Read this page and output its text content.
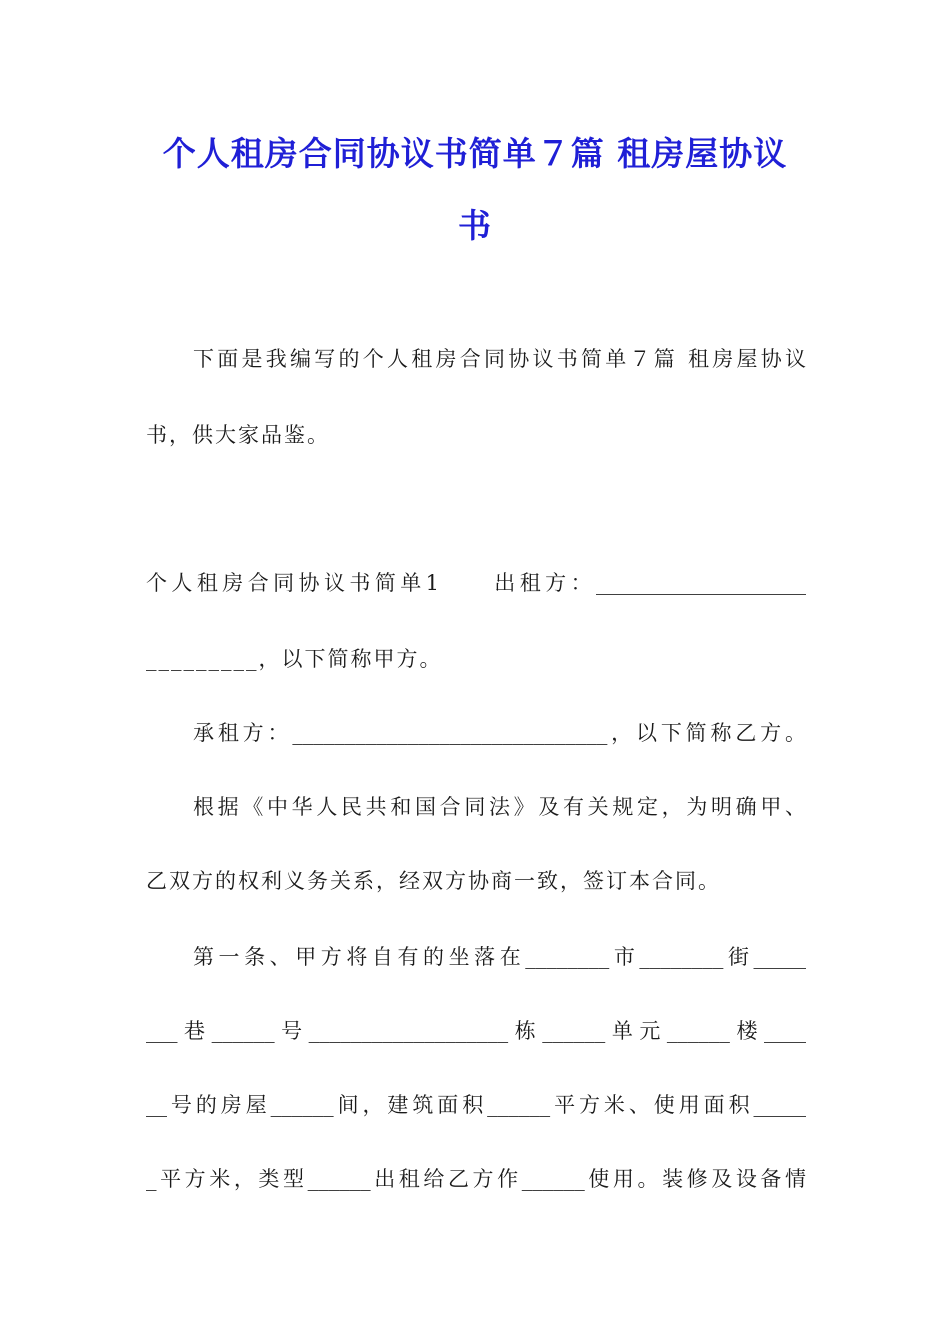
个人租房合同协议书简单７篇 租房屋协议
书
下面是我编写的个人租房合同协议书简单７篇 租房屋协议
书，供大家品鉴。
个人租房合同协议书简单1　　出租方：____________________
_________，以下简称甲方。
承租方：______________________________，以下简称乙方。
根据《中华人民共和国合同法》及有关规定，为明确甲、
乙双方的权利义务关系，经双方协商一致，签订本合同。
第一条、甲方将自有的坐落在________市________街_____
___巷______号___________________栋______单元______楼____
__号的房屋______间，建筑面积______平方米、使用面积_____
_平方米，类型______出租给乙方作______使用。装修及设备情
